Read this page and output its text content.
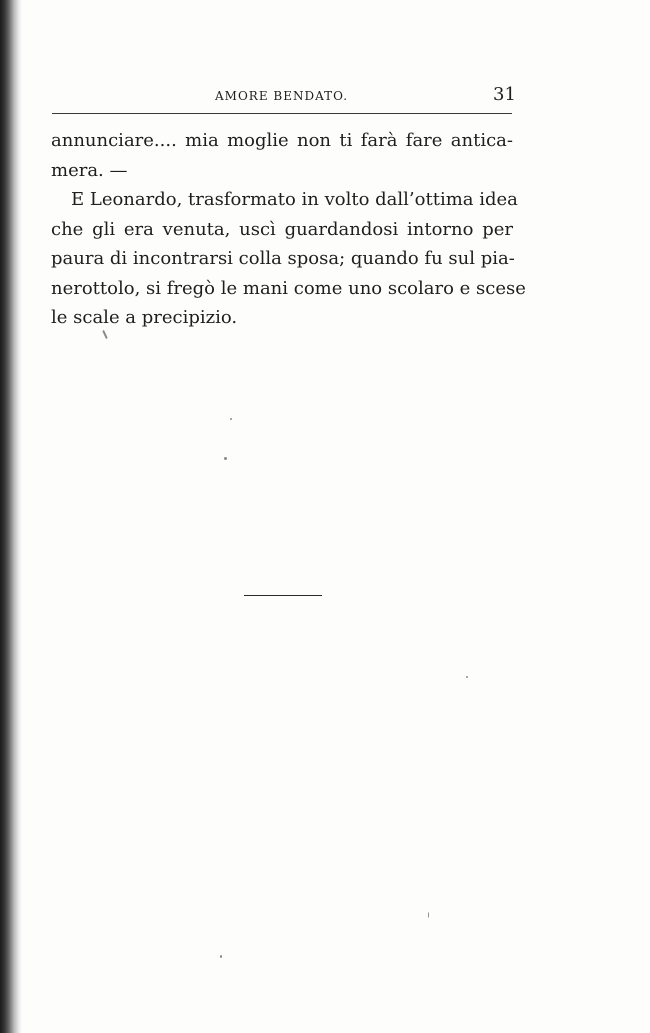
AMORE BENDATO.	31
annunciare.... mia moglie non ti farà fare antica-
mera. —
E Leonardo, trasformato in volto dall’ottima idea
che gli era venuta, uscì guardandosi intorno per
paura di incontrarsi colla sposa; quando fu sul pia-
nerottolo, si fregò le mani come uno scolaro e scese
le scale a precipizio.
